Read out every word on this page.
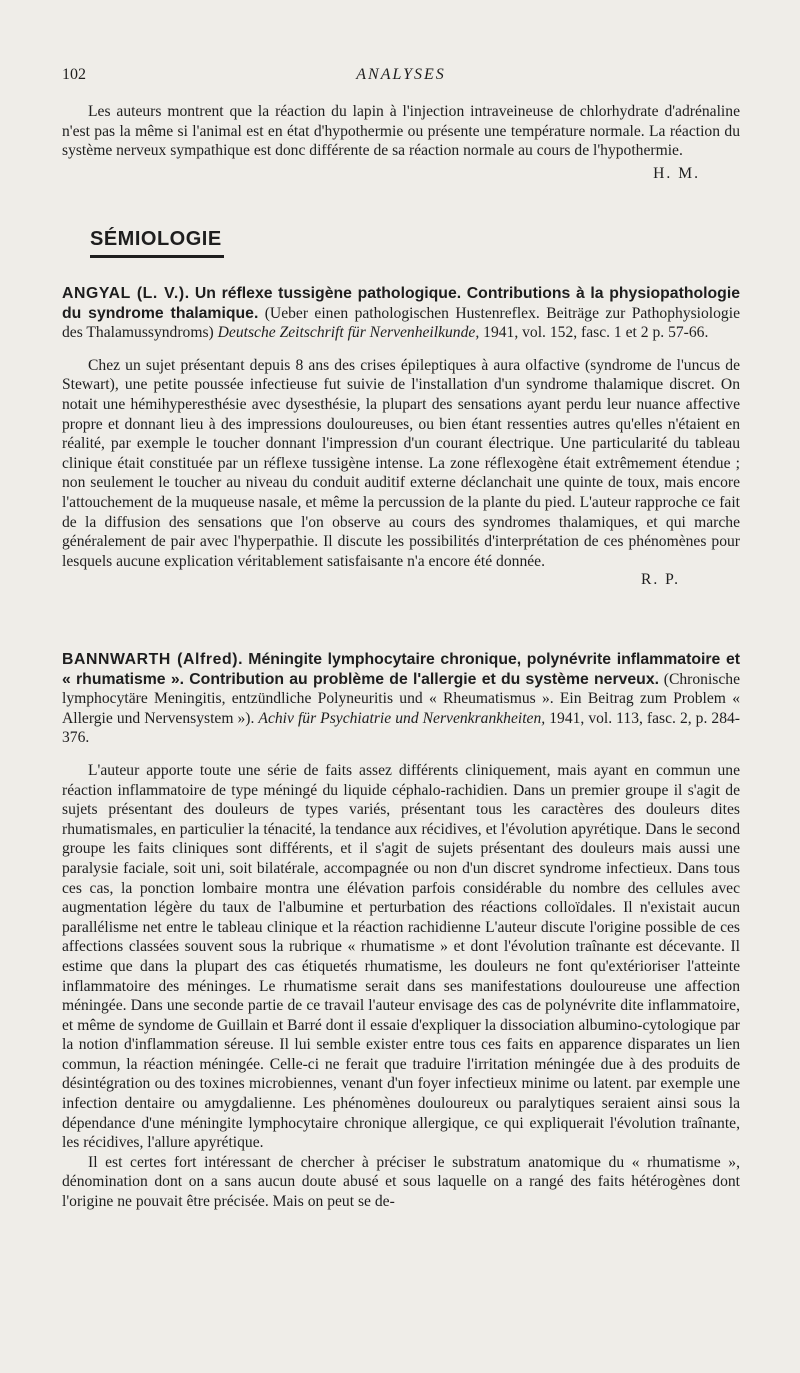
102	ANALYSES

Les auteurs montrent que la réaction du lapin à l'injection intraveineuse de chlorhydrate d'adrénaline n'est pas la même si l'animal est en état d'hypothermie ou présente une température normale. La réaction du système nerveux sympathique est donc différente de sa réaction normale au cours de l'hypothermie.

H. M.

SÉMIOLOGIE

ANGYAL (L. V.). Un réflexe tussigène pathologique. Contributions à la physiopathologie du syndrome thalamique. (Ueber einen pathologischen Hustenreflex. Beiträge zur Pathophysiologie des Thalamussyndroms) Deutsche Zeitschrift für Nervenheilkunde, 1941, vol. 152, fasc. 1 et 2 p. 57-66.

Chez un sujet présentant depuis 8 ans des crises épileptiques à aura olfactive (syndrome de l'uncus de Stewart), une petite poussée infectieuse fut suivie de l'installation d'un syndrome thalamique discret. On notait une hémihyperesthésie avec dysesthésie, la plupart des sensations ayant perdu leur nuance affective propre et donnant lieu à des impressions douloureuses, ou bien étant ressenties autres qu'elles n'étaient en réalité, par exemple le toucher donnant l'impression d'un courant électrique. Une particularité du tableau clinique était constituée par un réflexe tussigène intense. La zone réflexogène était extrêmement étendue ; non seulement le toucher au niveau du conduit auditif externe déclanchait une quinte de toux, mais encore l'attouchement de la muqueuse nasale, et même la percussion de la plante du pied. L'auteur rapproche ce fait de la diffusion des sensations que l'on observe au cours des syndromes thalamiques, et qui marche généralement de pair avec l'hyperpathie. Il discute les possibilités d'interprétation de ces phénomènes pour lesquels aucune explication véritablement satisfaisante n'a encore été donnée.

R. P.

BANNWARTH (Alfred). Méningite lymphocytaire chronique, polynévrite inflammatoire et « rhumatisme ». Contribution au problème de l'allergie et du système nerveux. (Chronische lymphocytäre Meningitis, entzündliche Polyneuritis und « Rheumatismus ». Ein Beitrag zum Problem « Allergie und Nervensystem »). Achiv für Psychiatrie und Nervenkrankheiten, 1941, vol. 113, fasc. 2, p. 284-376.

L'auteur apporte toute une série de faits assez différents cliniquement, mais ayant en commun une réaction inflammatoire de type méningé du liquide céphalo-rachidien. Dans un premier groupe il s'agit de sujets présentant des douleurs de types variés, présentant tous les caractères des douleurs dites rhumatismales, en particulier la ténacité, la tendance aux récidives, et l'évolution apyrétique. Dans le second groupe les faits cliniques sont différents, et il s'agit de sujets présentant des douleurs mais aussi une paralysie faciale, soit uni, soit bilatérale, accompagnée ou non d'un discret syndrome infectieux. Dans tous ces cas, la ponction lombaire montra une élévation parfois considérable du nombre des cellules avec augmentation légère du taux de l'albumine et perturbation des réactions colloïdales. Il n'existait aucun parallélisme net entre le tableau clinique et la réaction rachidienne L'auteur discute l'origine possible de ces affections classées souvent sous la rubrique « rhumatisme » et dont l'évolution traînante est décevante. Il estime que dans la plupart des cas étiquetés rhumatisme, les douleurs ne font qu'extérioriser l'atteinte inflammatoire des méninges. Le rhumatisme serait dans ses manifestations douloureuse une affection méningée. Dans une seconde partie de ce travail l'auteur envisage des cas de polynévrite dite inflammatoire, et même de syndome de Guillain et Barré dont il essaie d'expliquer la dissociation albumino-cytologique par la notion d'inflammation séreuse. Il lui semble exister entre tous ces faits en apparence disparates un lien commun, la réaction méningée. Celle-ci ne ferait que traduire l'irritation méningée due à des produits de désintégration ou des toxines microbiennes, venant d'un foyer infectieux minime ou latent. par exemple une infection dentaire ou amygdalienne. Les phénomènes douloureux ou paralytiques seraient ainsi sous la dépendance d'une méningite lymphocytaire chronique allergique, ce qui expliquerait l'évolution traînante, les récidives, l'allure apyrétique.

Il est certes fort intéressant de chercher à préciser le substratum anatomique du « rhumatisme », dénomination dont on a sans aucun doute abusé et sous laquelle on a rangé des faits hétérogènes dont l'origine ne pouvait être précisée. Mais on peut se de-
